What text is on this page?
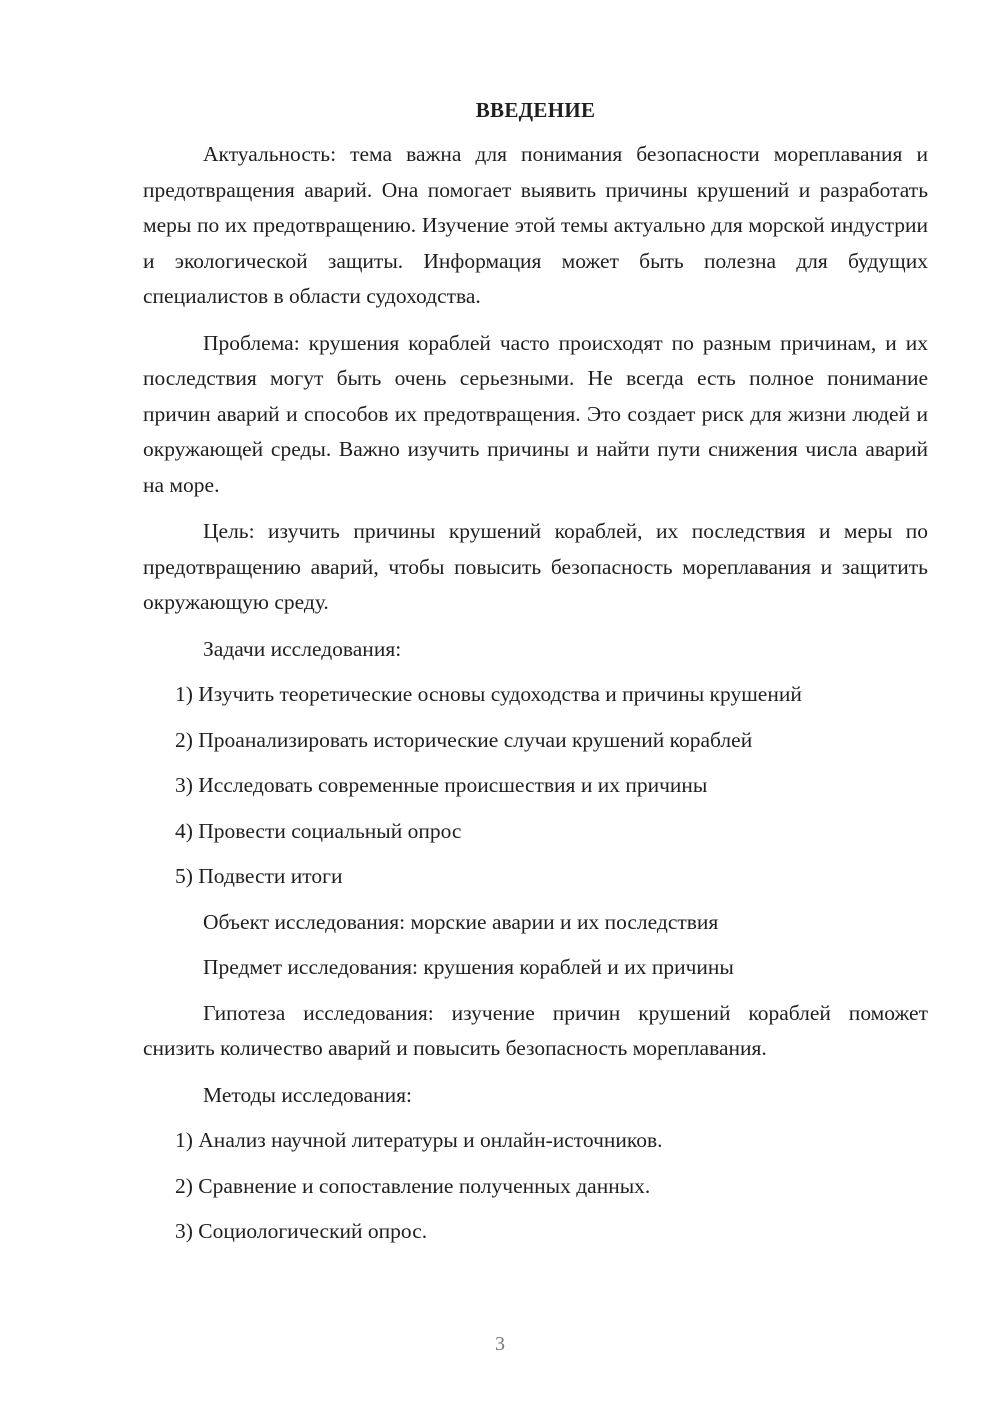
ВВЕДЕНИЕ

Актуальность: тема важна для понимания безопасности мореплавания и предотвращения аварий. Она помогает выявить причины крушений и разработать меры по их предотвращению. Изучение этой темы актуально для морской индустрии и экологической защиты. Информация может быть полезна для будущих специалистов в области судоходства.

Проблема: крушения кораблей часто происходят по разным причинам, и их последствия могут быть очень серьезными. Не всегда есть полное понимание причин аварий и способов их предотвращения. Это создает риск для жизни людей и окружающей среды. Важно изучить причины и найти пути снижения числа аварий на море.

Цель: изучить причины крушений кораблей, их последствия и меры по предотвращению аварий, чтобы повысить безопасность мореплавания и защитить окружающую среду.

Задачи исследования:
1) Изучить теоретические основы судоходства и причины крушений
2) Проанализировать исторические случаи крушений кораблей
3) Исследовать современные происшествия и их причины
4) Провести социальный опрос
5) Подвести итоги
Объект исследования: морские аварии и их последствия
Предмет исследования: крушения кораблей и их причины

Гипотеза исследования: изучение причин крушений кораблей поможет снизить количество аварий и повысить безопасность мореплавания.

Методы исследования:
1) Анализ научной литературы и онлайн-источников.
2) Сравнение и сопоставление полученных данных.
3) Социологический опрос.
3
